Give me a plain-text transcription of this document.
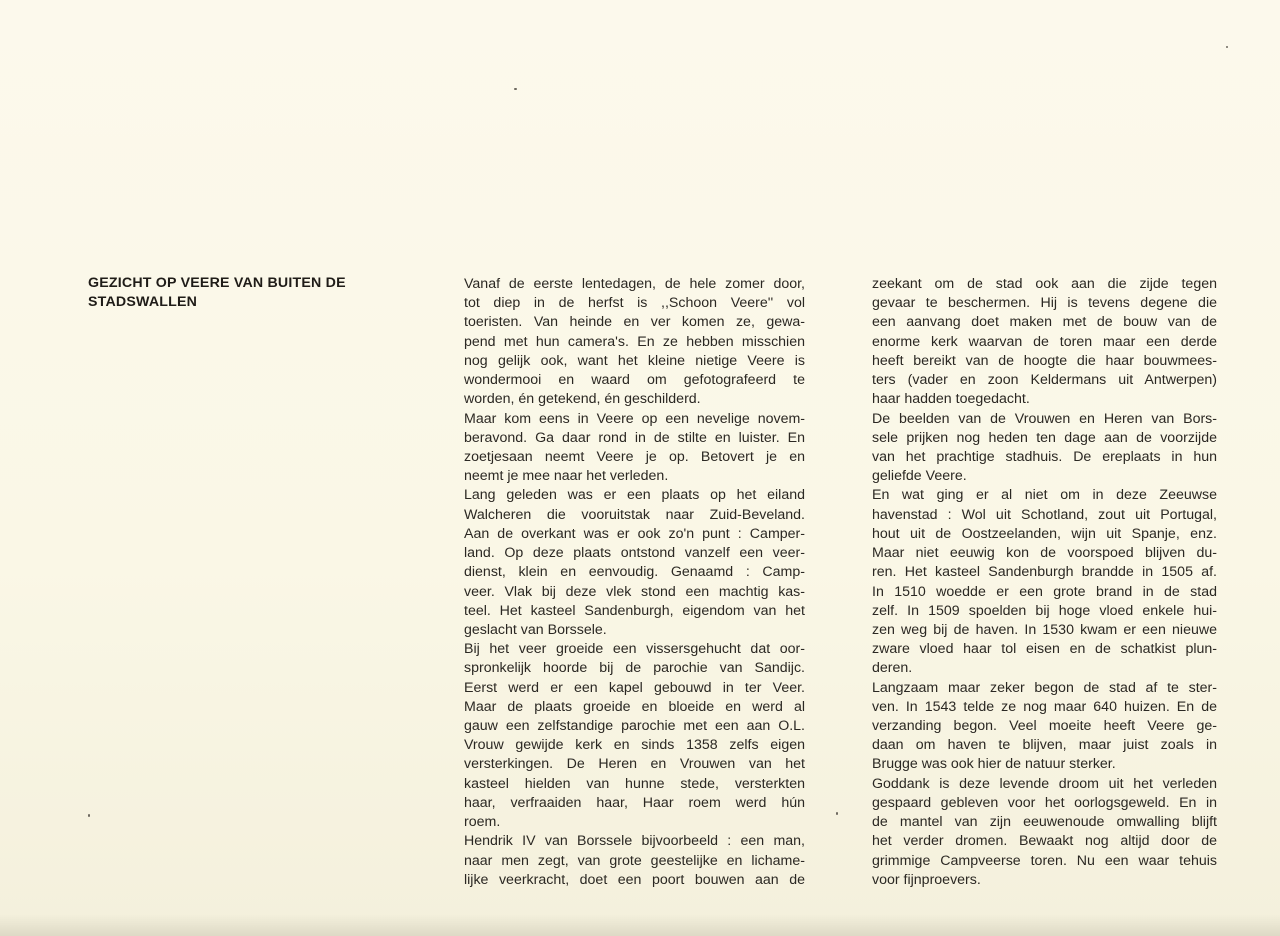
GEZICHT OP VEERE VAN BUITEN DE
STADSWALLEN
Vanaf de eerste lentedagen, de hele zomer door,
tot diep in de herfst is ,,Schoon Veere'' vol
toeristen. Van heinde en ver komen ze, gewa-
pend met hun camera's. En ze hebben misschien
nog gelijk ook, want het kleine nietige Veere is
wondermooi en waard om gefotografeerd te
worden, én getekend, én geschilderd.
Maar kom eens in Veere op een nevelige novem-
beravond. Ga daar rond in de stilte en luister. En
zoetjesaan neemt Veere je op. Betovert je en
neemt je mee naar het verleden.
Lang geleden was er een plaats op het eiland
Walcheren die vooruitstak naar Zuid-Beveland.
Aan de overkant was er ook zo'n punt : Camper-
land. Op deze plaats ontstond vanzelf een veer-
dienst, klein en eenvoudig. Genaamd : Camp-
veer. Vlak bij deze vlek stond een machtig kas-
teel. Het kasteel Sandenburgh, eigendom van het
geslacht van Borssele.
Bij het veer groeide een vissersgehucht dat oor-
spronkelijk hoorde bij de parochie van Sandijc.
Eerst werd er een kapel gebouwd in ter Veer.
Maar de plaats groeide en bloeide en werd al
gauw een zelfstandige parochie met een aan O.L.
Vrouw gewijde kerk en sinds 1358 zelfs eigen
versterkingen. De Heren en Vrouwen van het
kasteel hielden van hunne stede, versterkten
haar, verfraaiden haar, Haar roem werd hún
roem.
Hendrik IV van Borssele bijvoorbeeld : een man,
naar men zegt, van grote geestelijke en lichame-
lijke veerkracht, doet een poort bouwen aan de
zeekant om de stad ook aan die zijde tegen
gevaar te beschermen. Hij is tevens degene die
een aanvang doet maken met de bouw van de
enorme kerk waarvan de toren maar een derde
heeft bereikt van de hoogte die haar bouwmees-
ters (vader en zoon Keldermans uit Antwerpen)
haar hadden toegedacht.
De beelden van de Vrouwen en Heren van Bors-
sele prijken nog heden ten dage aan de voorzijde
van het prachtige stadhuis. De ereplaats in hun
geliefde Veere.
En wat ging er al niet om in deze Zeeuwse
havenstad : Wol uit Schotland, zout uit Portugal,
hout uit de Oostzeelanden, wijn uit Spanje, enz.
Maar niet eeuwig kon de voorspoed blijven du-
ren. Het kasteel Sandenburgh brandde in 1505 af.
In 1510 woedde er een grote brand in de stad
zelf. In 1509 spoelden bij hoge vloed enkele hui-
zen weg bij de haven. In 1530 kwam er een nieuwe
zware vloed haar tol eisen en de schatkist plun-
deren.
Langzaam maar zeker begon de stad af te ster-
ven. In 1543 telde ze nog maar 640 huizen. En de
verzanding begon. Veel moeite heeft Veere ge-
daan om haven te blijven, maar juist zoals in
Brugge was ook hier de natuur sterker.
Goddank is deze levende droom uit het verleden
gespaard gebleven voor het oorlogsgeweld. En in
de mantel van zijn eeuwenoude omwalling blijft
het verder dromen. Bewaakt nog altijd door de
grimmige Campveerse toren. Nu een waar tehuis
voor fijnproevers.
